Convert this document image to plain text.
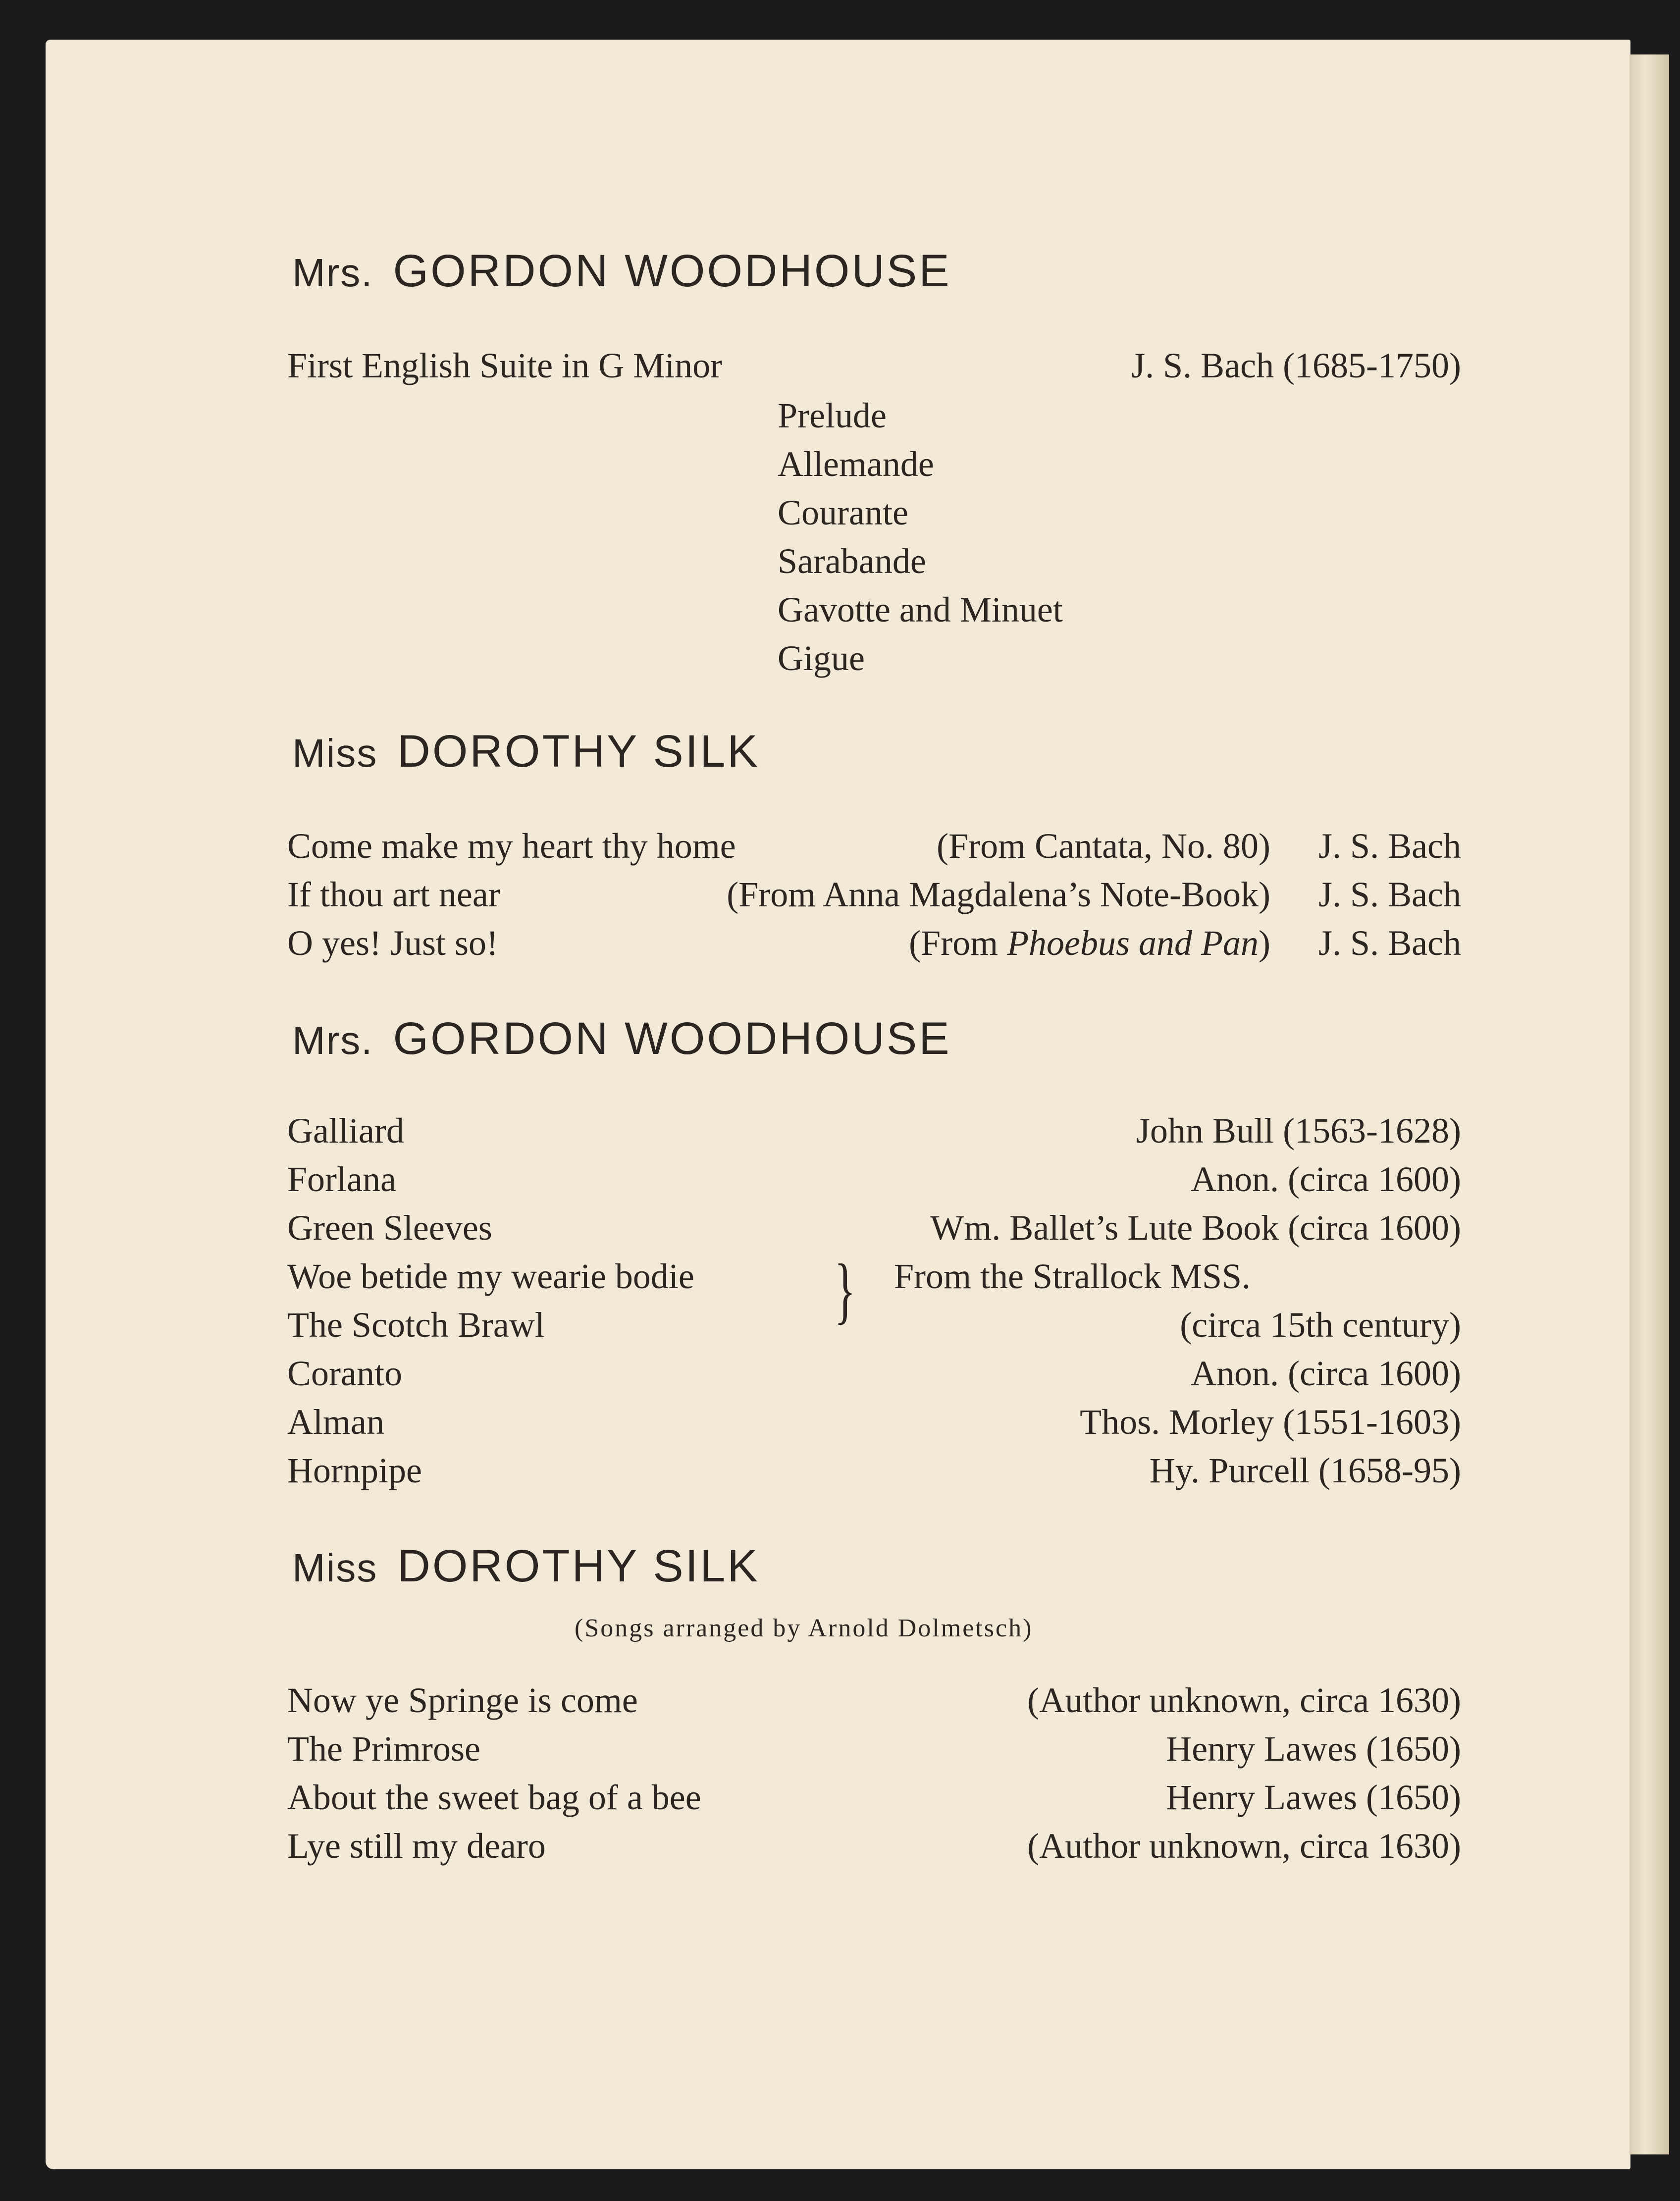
Mrs. GORDON WOODHOUSE
First English Suite in G Minor	J. S. Bach (1685-1750)
Prelude
Allemande
Courante
Sarabande
Gavotte and Minuet
Gigue
Miss DOROTHY SILK
Come make my heart thy home	(From Cantata, No. 80) J. S. Bach
If thou art near	(From Anna Magdalena’s Note-Book) J. S. Bach
O yes! Just so!	(From Phoebus and Pan) J. S. Bach
Mrs. GORDON WOODHOUSE
Galliard	John Bull (1563-1628)
Forlana	Anon. (circa 1600)
Green Sleeves	Wm. Ballet’s Lute Book (circa 1600)
Woe betide my wearie bodie	From the Strallock MSS.
The Scotch Brawl	(circa 15th century)
}
Coranto	Anon. (circa 1600)
Alman	Thos. Morley (1551-1603)
Hornpipe	Hy. Purcell (1658-95)
Miss DOROTHY SILK
(Songs arranged by Arnold Dolmetsch)
Now ye Springe is come	(Author unknown, circa 1630)
The Primrose	Henry Lawes (1650)
About the sweet bag of a bee	Henry Lawes (1650)
Lye still my dearo	(Author unknown, circa 1630)
